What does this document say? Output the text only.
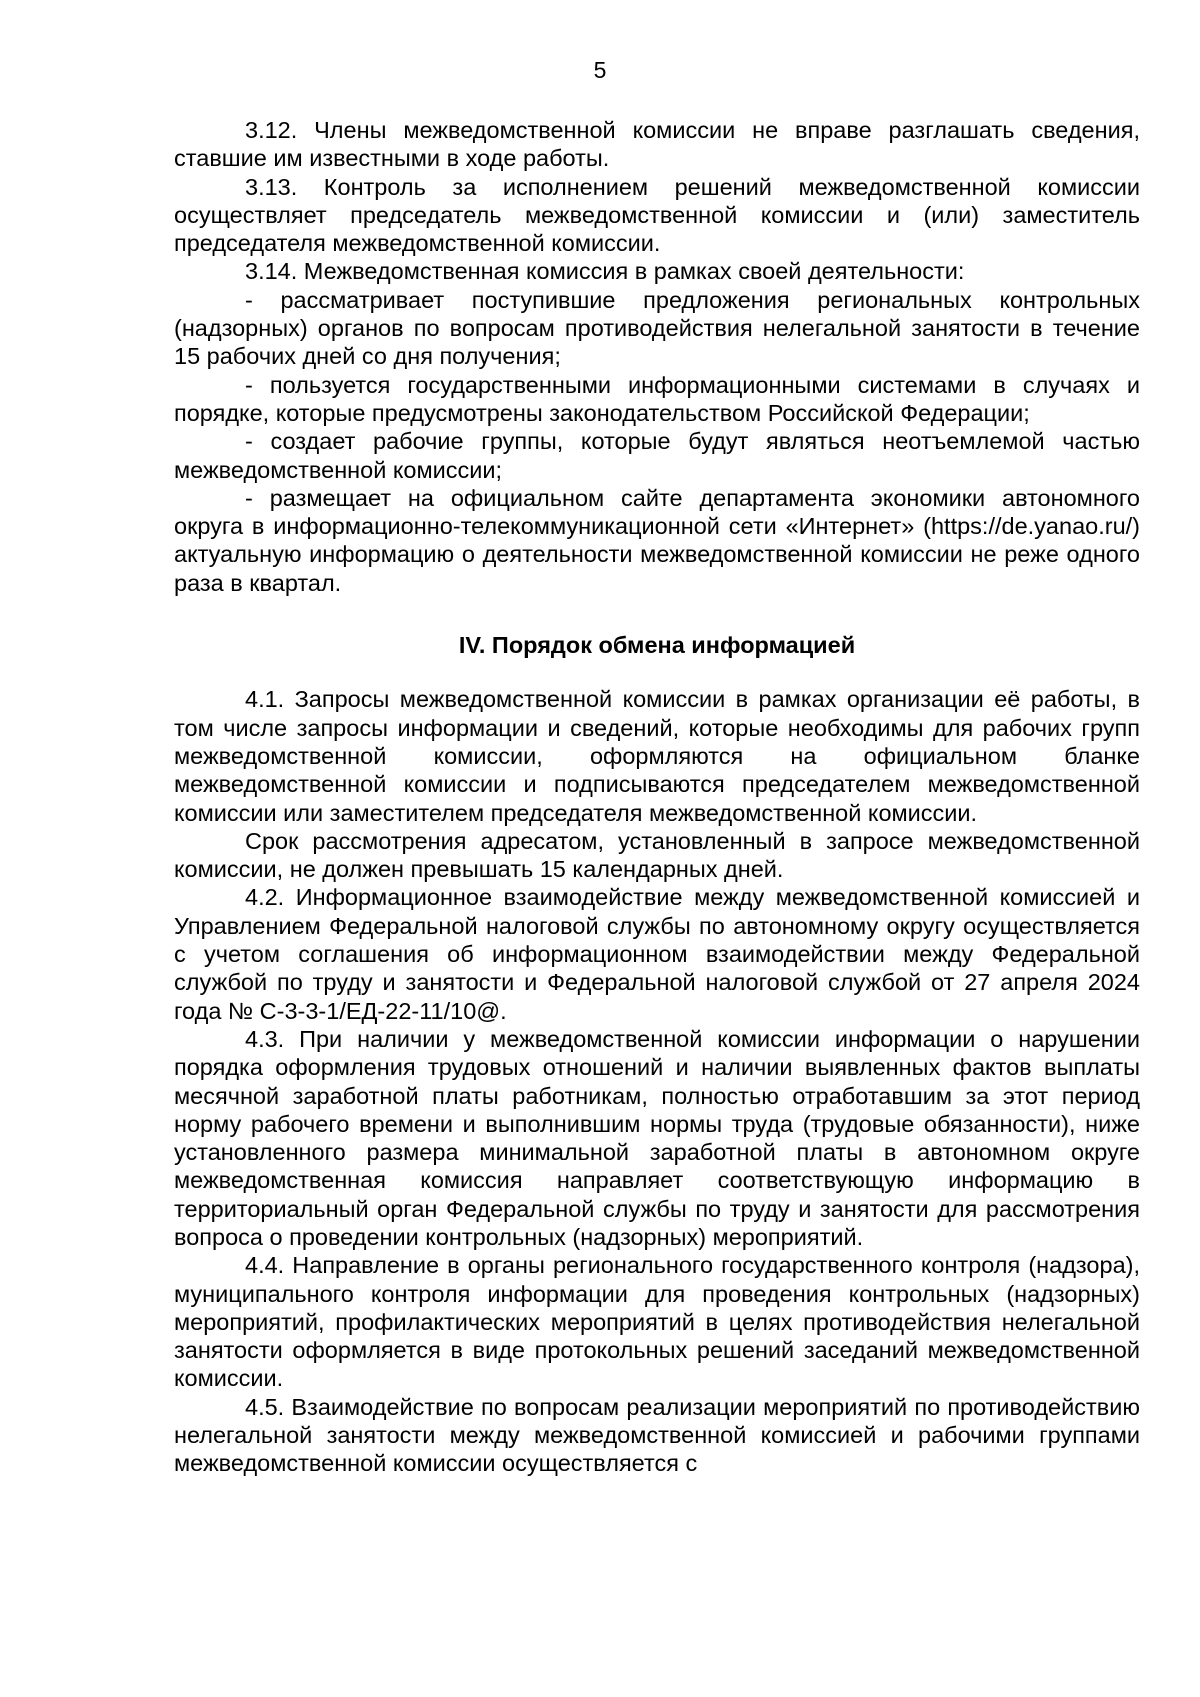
5

3.12. Члены межведомственной комиссии не вправе разглашать сведения, ставшие им известными в ходе работы.

3.13. Контроль за исполнением решений межведомственной комиссии осуществляет председатель межведомственной комиссии и (или) заместитель председателя межведомственной комиссии.

3.14. Межведомственная комиссия в рамках своей деятельности:

- рассматривает поступившие предложения региональных контрольных (надзорных) органов по вопросам противодействия нелегальной занятости в течение 15 рабочих дней со дня получения;

- пользуется государственными информационными системами в случаях и порядке, которые предусмотрены законодательством Российской Федерации;

- создает рабочие группы, которые будут являться неотъемлемой частью межведомственной комиссии;

- размещает на официальном сайте департамента экономики автономного округа в информационно-телекоммуникационной сети «Интернет» (https://de.yanao.ru/) актуальную информацию о деятельности межведомственной комиссии не реже одного раза в квартал.

IV. Порядок обмена информацией

4.1. Запросы межведомственной комиссии в рамках организации её работы, в том числе запросы информации и сведений, которые необходимы для рабочих групп межведомственной комиссии, оформляются на официальном бланке межведомственной комиссии и подписываются председателем межведомственной комиссии или заместителем председателя межведомственной комиссии.

Срок рассмотрения адресатом, установленный в запросе межведомственной комиссии, не должен превышать 15 календарных дней.

4.2. Информационное взаимодействие между межведомственной комиссией и Управлением Федеральной налоговой службы по автономному округу осуществляется с учетом соглашения об информационном взаимодействии между Федеральной службой по труду и занятости и Федеральной налоговой службой от 27 апреля 2024 года № С-3-3-1/ЕД-22-11/10@.

4.3. При наличии у межведомственной комиссии информации о нарушении порядка оформления трудовых отношений и наличии выявленных фактов выплаты месячной заработной платы работникам, полностью отработавшим за этот период норму рабочего времени и выполнившим нормы труда (трудовые обязанности), ниже установленного размера минимальной заработной платы в автономном округе межведомственная комиссия направляет соответствующую информацию в территориальный орган Федеральной службы по труду и занятости для рассмотрения вопроса о проведении контрольных (надзорных) мероприятий.

4.4. Направление в органы регионального государственного контроля (надзора), муниципального контроля информации для проведения контрольных (надзорных) мероприятий, профилактических мероприятий в целях противодействия нелегальной занятости оформляется в виде протокольных решений заседаний межведомственной комиссии.

4.5. Взаимодействие по вопросам реализации мероприятий по противодействию нелегальной занятости между межведомственной комиссией и рабочими группами межведомственной комиссии осуществляется с
